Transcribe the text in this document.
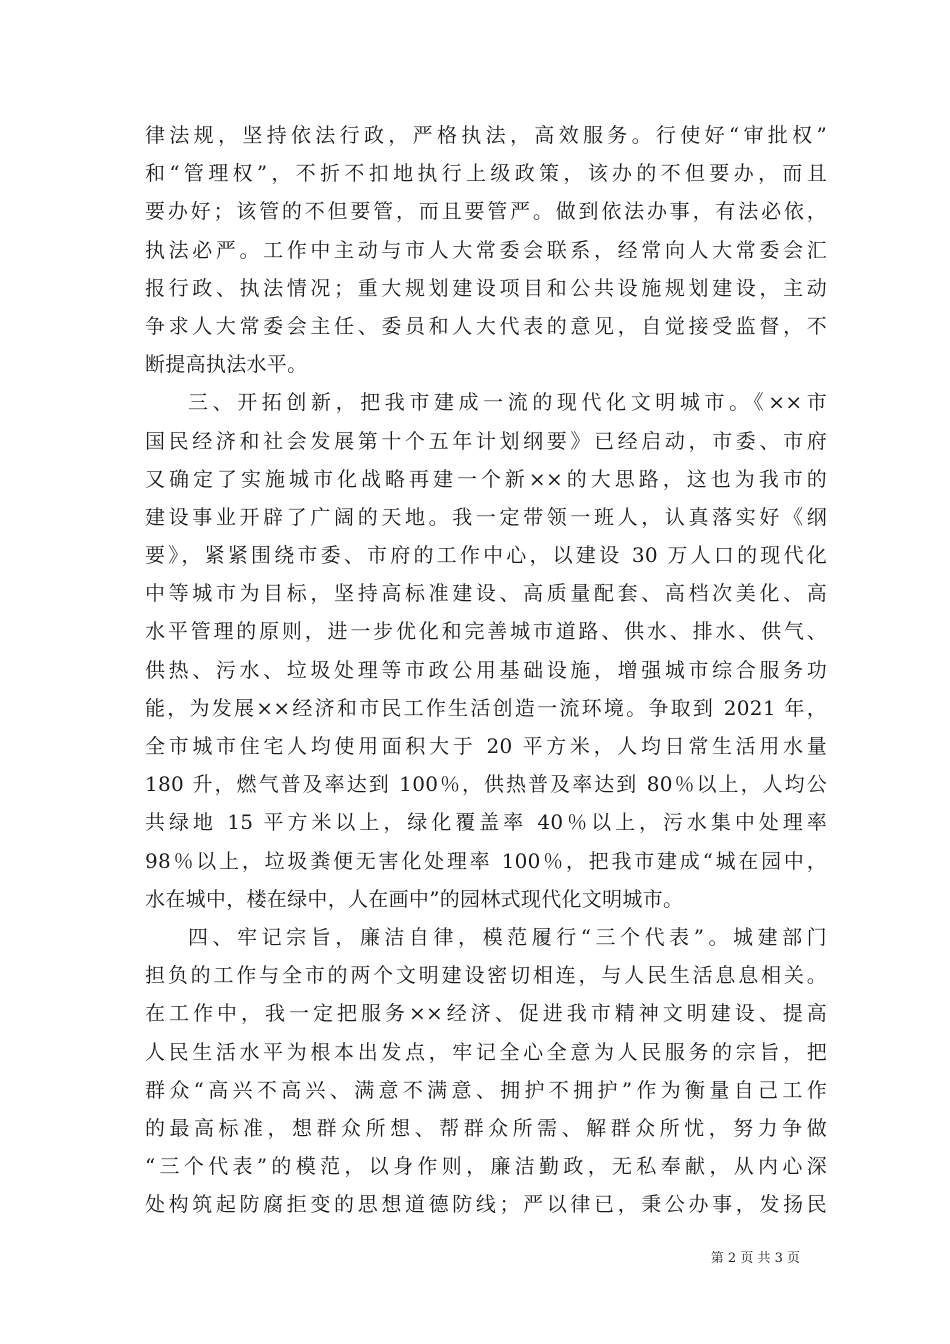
律法规，坚持依法行政，严格执法，高效服务。行使好“审批权”
和“管理权”，不折不扣地执行上级政策，该办的不但要办，而且
要办好；该管的不但要管，而且要管严。做到依法办事，有法必依，
执法必严。工作中主动与市人大常委会联系，经常向人大常委会汇
报行政、执法情况；重大规划建设项目和公共设施规划建设，主动
争求人大常委会主任、委员和人大代表的意见，自觉接受监督，不
断提高执法水平。
三、开拓创新，把我市建成一流的现代化文明城市。《××市
国民经济和社会发展第十个五年计划纲要》已经启动，市委、市府
又确定了实施城市化战略再建一个新××的大思路，这也为我市的
建设事业开辟了广阔的天地。我一定带领一班人，认真落实好《纲
要》，紧紧围绕市委、市府的工作中心，以建设 30 万人口的现代化
中等城市为目标，坚持高标准建设、高质量配套、高档次美化、高
水平管理的原则，进一步优化和完善城市道路、供水、排水、供气、
供热、污水、垃圾处理等市政公用基础设施，增强城市综合服务功
能，为发展××经济和市民工作生活创造一流环境。争取到 2021 年，
全市城市住宅人均使用面积大于 20 平方米，人均日常生活用水量
180 升，燃气普及率达到 100％，供热普及率达到 80％以上，人均公
共绿地 15 平方米以上，绿化覆盖率 40％以上，污水集中处理率
98％以上，垃圾粪便无害化处理率 100％，把我市建成“城在园中，
水在城中，楼在绿中，人在画中”的园林式现代化文明城市。
四、牢记宗旨，廉洁自律，模范履行“三个代表”。城建部门
担负的工作与全市的两个文明建设密切相连，与人民生活息息相关。
在工作中，我一定把服务××经济、促进我市精神文明建设、提高
人民生活水平为根本出发点，牢记全心全意为人民服务的宗旨，把
群众“高兴不高兴、满意不满意、拥护不拥护”作为衡量自己工作
的最高标准，想群众所想、帮群众所需、解群众所忧，努力争做
“三个代表”的模范，以身作则，廉洁勤政，无私奉献，从内心深
处构筑起防腐拒变的思想道德防线；严以律已，秉公办事，发扬民
第 2 页 共 3 页
